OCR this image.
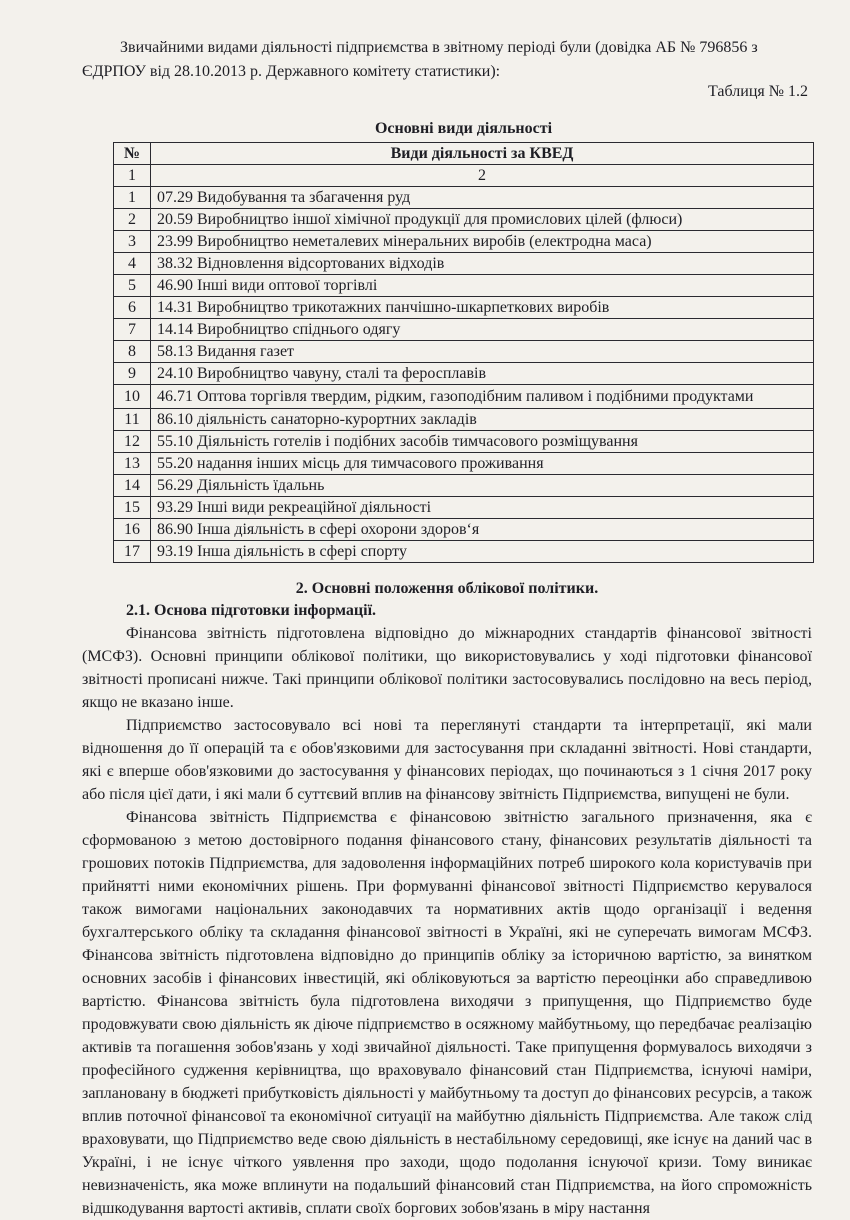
Звичайними видами діяльності підприємства в звітному періоді були (довідка АБ № 796856 з ЄДРПОУ від 28.10.2013 р. Державного комітету статистики):

Таблиця № 1.2
Основні види діяльності
№	Види діяльності за КВЕД
1	2
1	07.29 Видобування та збагачення руд
2	20.59 Виробництво іншої хімічної продукції для промислових цілей (флюси)
3	23.99 Виробництво неметалевих мінеральних виробів (електродна маса)
4	38.32 Відновлення відсортованих відходів
5	46.90 Інші види оптової торгівлі
6	14.31 Виробництво трикотажних панчішно-шкарпеткових виробів
7	14.14 Виробництво спіднього одягу
8	58.13 Видання газет
9	24.10 Виробництво чавуну, сталі та феросплавів
10	46.71 Оптова торгівля твердим, рідким, газоподібним паливом і подібними продуктами
11	86.10 діяльність санаторно-курортних закладів
12	55.10 Діяльність готелів і подібних засобів тимчасового розміщування
13	55.20 надання інших місць для тимчасового проживання
14	56.29 Діяльність їдальнь
15	93.29 Інші види рекреаційної діяльності
16	86.90 Інша діяльність в сфері охорони здоров‘я
17	93.19 Інша діяльність в сфері спорту
2. Основні положення облікової політики.
2.1. Основа підготовки інформації.

Фінансова звітність підготовлена відповідно до міжнародних стандартів фінансової звітності (МСФЗ). Основні принципи облікової політики, що використовувались у ході підготовки фінансової звітності прописані нижче. Такі принципи облікової політики застосовувались послідовно на весь період, якщо не вказано інше.

Підприємство застосовувало всі нові та переглянуті стандарти та інтерпретації, які мали відношення до її операцій та є обов'язковими для застосування при складанні звітності. Нові стандарти, які є вперше обов'язковими до застосування у фінансових періодах, що починаються з 1 січня 2017 року або після цієї дати, і які мали б суттєвий вплив на фінансову звітність Підприємства, випущені не були.

Фінансова звітність Підприємства є фінансовою звітністю загального призначення, яка є сформованою з метою достовірного подання фінансового стану, фінансових результатів діяльності та грошових потоків Підприємства, для задоволення інформаційних потреб широкого кола користувачів при прийнятті ними економічних рішень. При формуванні фінансової звітності Підприємство керувалося також вимогами національних законодавчих та нормативних актів щодо організації і ведення бухгалтерського обліку та складання фінансової звітності в Україні, які не суперечать вимогам МСФЗ. Фінансова звітність підготовлена відповідно до принципів обліку за історичною вартістю, за винятком основних засобів і фінансових інвестицій, які обліковуються за вартістю переоцінки або справедливою вартістю. Фінансова звітність була підготовлена виходячи з припущення, що Підприємство буде продовжувати свою діяльність як діюче підприємство в осяжному майбутньому, що передбачає реалізацію активів та погашення зобов'язань у ході звичайної діяльності. Таке припущення формувалось виходячи з професійного судження керівництва, що враховувало фінансовий стан Підприємства, існуючі наміри, заплановану в бюджеті прибутковість діяльності у майбутньому та доступ до фінансових ресурсів, а також вплив поточної фінансової та економічної ситуації на майбутню діяльність Підприємства. Але також слід враховувати, що Підприємство веде свою діяльність в нестабільному середовищі, яке існує на даний час в Україні, і не існує чіткого уявлення про заходи, щодо подолання існуючої кризи. Тому виникає невизначеність, яка може вплинути на подальший фінансовий стан Підприємства, на його спроможність відшкодування вартості активів, сплати своїх боргових зобов'язань в міру настання
